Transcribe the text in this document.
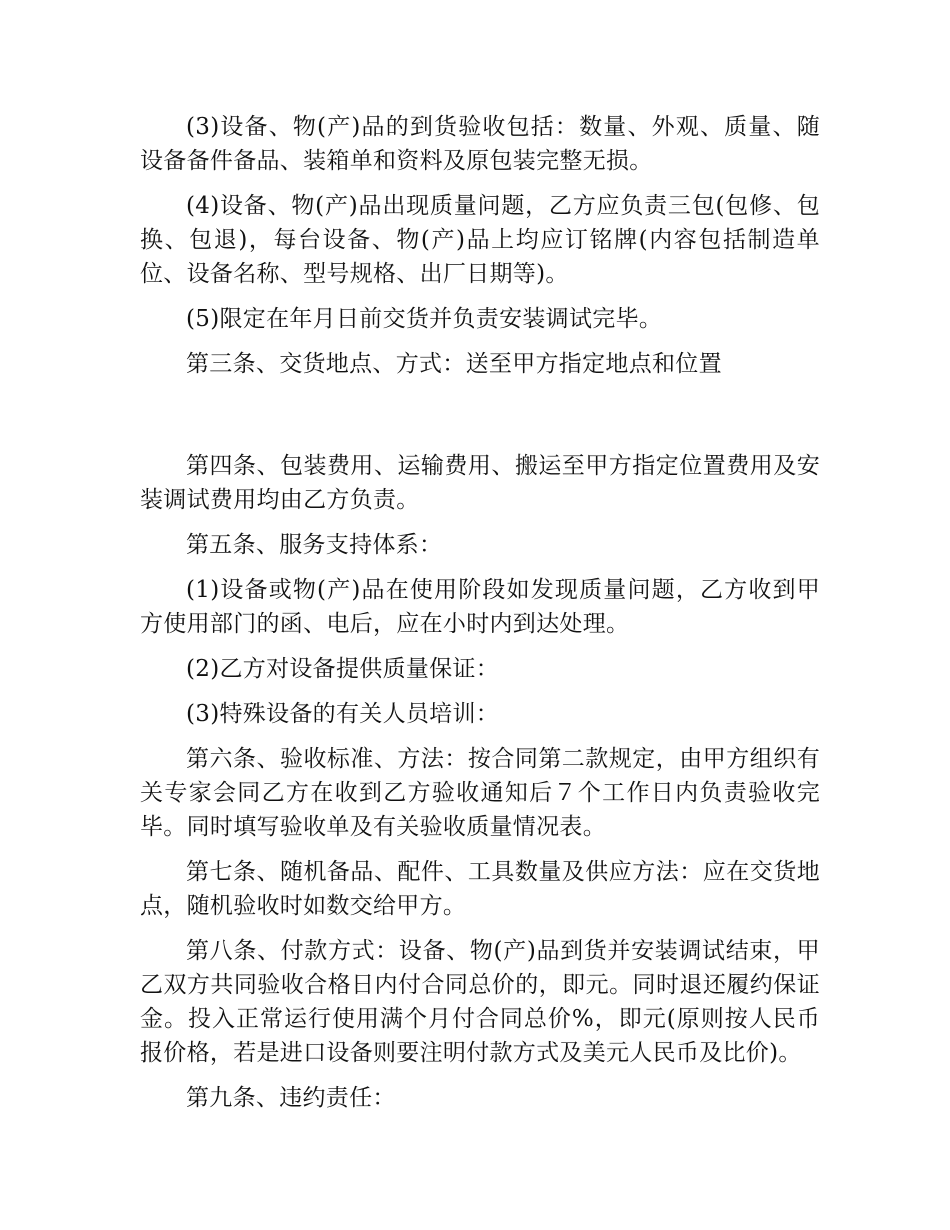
(3)设备、物(产)品的到货验收包括：数量、外观、质量、随设备备件备品、装箱单和资料及原包装完整无损。

(4)设备、物(产)品出现质量问题，乙方应负责三包(包修、包换、包退)，每台设备、物(产)品上均应订铭牌(内容包括制造单位、设备名称、型号规格、出厂日期等)。

(5)限定在年月日前交货并负责安装调试完毕。

第三条、交货地点、方式：送至甲方指定地点和位置

第四条、包装费用、运输费用、搬运至甲方指定位置费用及安装调试费用均由乙方负责。

第五条、服务支持体系：

(1)设备或物(产)品在使用阶段如发现质量问题，乙方收到甲方使用部门的函、电后，应在小时内到达处理。

(2)乙方对设备提供质量保证：

(3)特殊设备的有关人员培训：

第六条、验收标准、方法：按合同第二款规定，由甲方组织有关专家会同乙方在收到乙方验收通知后７个工作日内负责验收完毕。同时填写验收单及有关验收质量情况表。

第七条、随机备品、配件、工具数量及供应方法：应在交货地点，随机验收时如数交给甲方。

第八条、付款方式：设备、物(产)品到货并安装调试结束，甲乙双方共同验收合格日内付合同总价的，即元。同时退还履约保证金。投入正常运行使用满个月付合同总价%，即元(原则按人民币报价格，若是进口设备则要注明付款方式及美元人民币及比价)。

第九条、违约责任：
